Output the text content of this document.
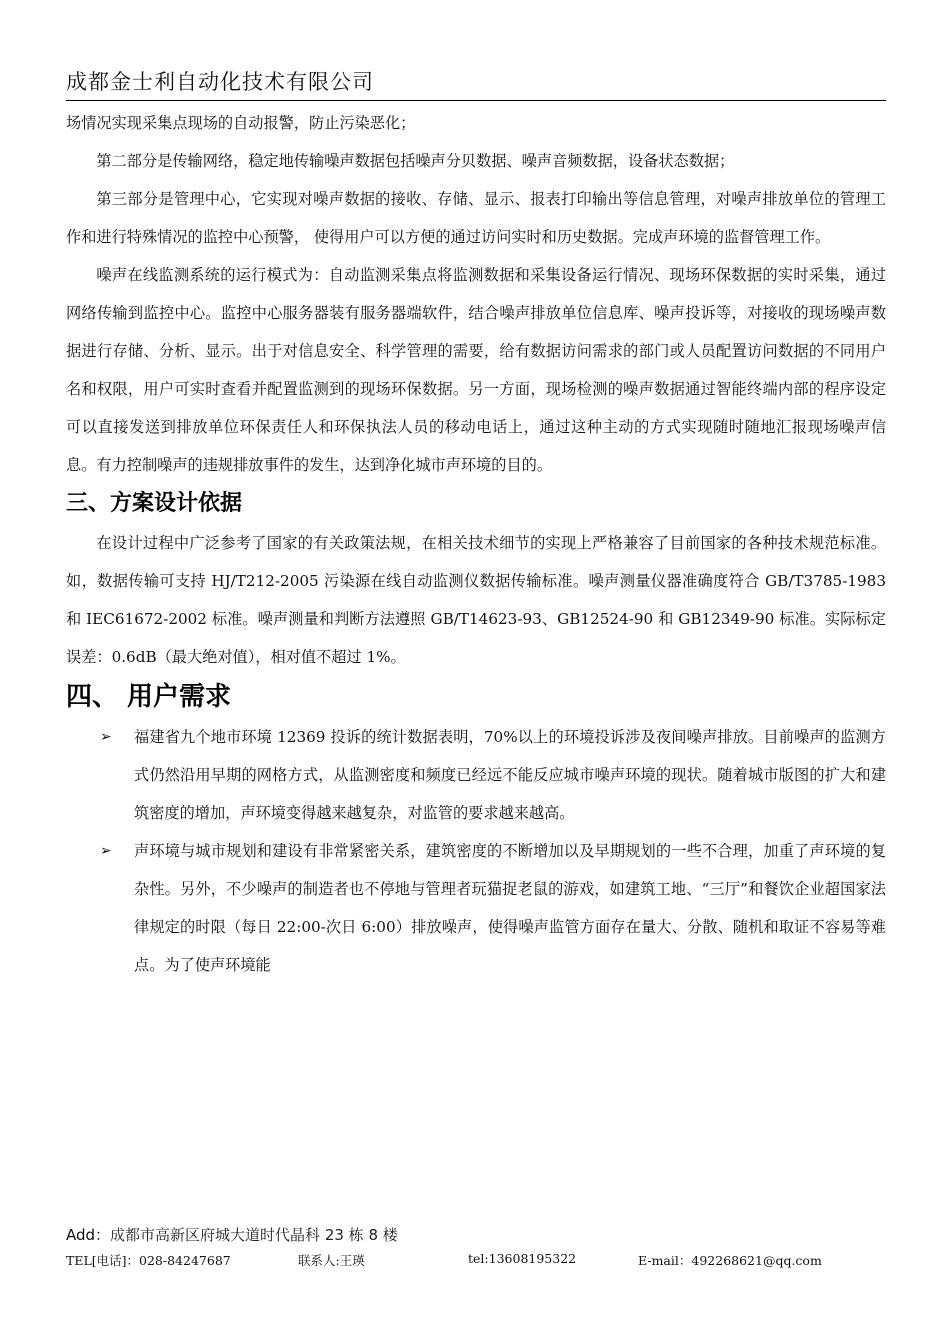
成都金士利自动化技术有限公司

场情况实现采集点现场的自动报警，防止污染恶化；

第二部分是传输网络，稳定地传输噪声数据包括噪声分贝数据、噪声音频数据，设备状态数据；

第三部分是管理中心，它实现对噪声数据的接收、存储、显示、报表打印输出等信息管理，对噪声排放单位的管理工作和进行特殊情况的监控中心预警， 使得用户可以方便的通过访问实时和历史数据。完成声环境的监督管理工作。

噪声在线监测系统的运行模式为：自动监测采集点将监测数据和采集设备运行情况、现场环保数据的实时采集，通过网络传输到监控中心。监控中心服务器装有服务器端软件，结合噪声排放单位信息库、噪声投诉等，对接收的现场噪声数据进行存储、分析、显示。出于对信息安全、科学管理的需要，给有数据访问需求的部门或人员配置访问数据的不同用户名和权限，用户可实时查看并配置监测到的现场环保数据。另一方面，现场检测的噪声数据通过智能终端内部的程序设定可以直接发送到排放单位环保责任人和环保执法人员的移动电话上，通过这种主动的方式实现随时随地汇报现场噪声信息。有力控制噪声的违规排放事件的发生，达到净化城市声环境的目的。

三、方案设计依据

在设计过程中广泛参考了国家的有关政策法规，在相关技术细节的实现上严格兼容了目前国家的各种技术规范标准。如，数据传输可支持 HJ/T212-2005 污染源在线自动监测仪数据传输标准。噪声测量仪器准确度符合 GB/T3785-1983 和 IEC61672-2002 标准。噪声测量和判断方法遵照 GB/T14623-93、GB12524-90 和 GB12349-90 标准。实际标定误差：0.6dB（最大绝对值），相对值不超过 1%。

四、 用户需求
➢ 福建省九个地市环境 12369 投诉的统计数据表明，70%以上的环境投诉涉及夜间噪声排放。目前噪声的监测方式仍然沿用早期的网格方式，从监测密度和频度已经远不能反应城市噪声环境的现状。随着城市版图的扩大和建筑密度的增加，声环境变得越来越复杂，对监管的要求越来越高。
➢ 声环境与城市规划和建设有非常紧密关系，建筑密度的不断增加以及早期规划的一些不合理，加重了声环境的复杂性。另外，不少噪声的制造者也不停地与管理者玩猫捉老鼠的游戏，如建筑工地、“三厅”和餐饮企业超国家法律规定的时限（每日 22:00-次日 6:00）排放噪声，使得噪声监管方面存在量大、分散、随机和取证不容易等难点。为了使声环境能
Add：成都市高新区府城大道时代晶科 23 栋 8 楼
TEL[电话]：028-84247687	联系人:王瑛	tel:13608195322	E-mail：492268621@qq.com
